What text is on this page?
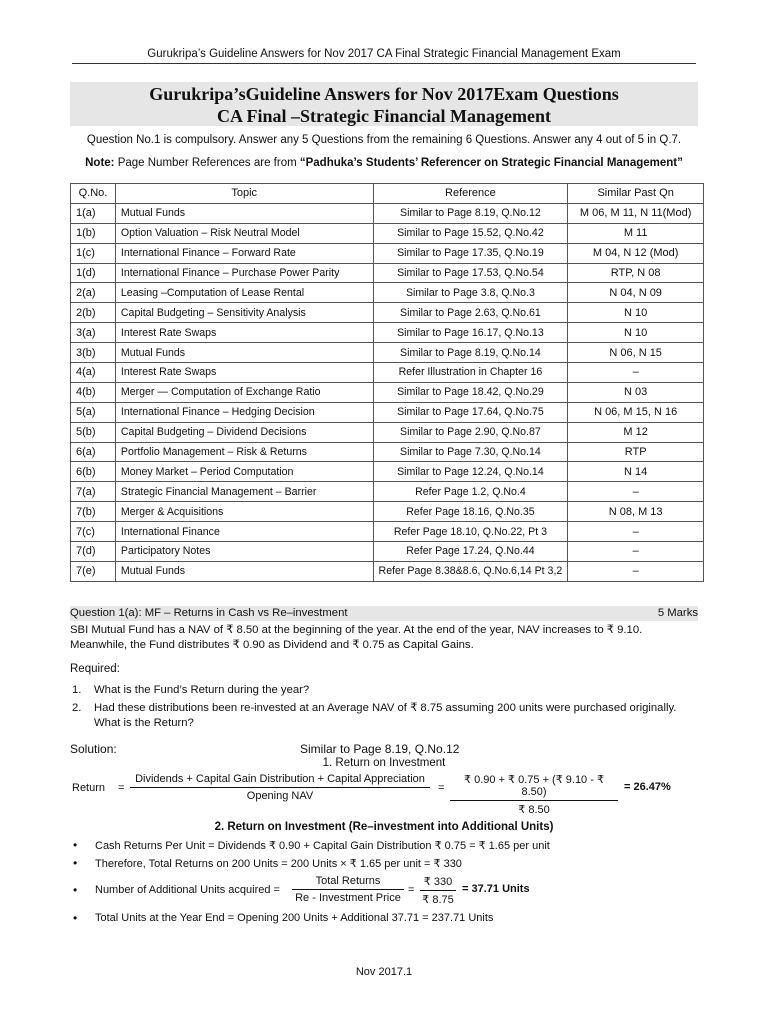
Gurukripa’s Guideline Answers for Nov 2017 CA Final Strategic Financial Management Exam
Gurukripa’sGuideline Answers for Nov 2017Exam Questions
CA Final –Strategic Financial Management
Question No.1 is compulsory. Answer any 5 Questions from the remaining 6 Questions. Answer any 4 out of 5 in Q.7.
Note: Page Number References are from “Padhuka’s Students’ Referencer on Strategic Financial Management”
Q.No.	Topic	Reference	Similar Past Qn
1(a)	Mutual Funds	Similar to Page 8.19, Q.No.12	M 06, M 11, N 11(Mod)
1(b)	Option Valuation – Risk Neutral Model	Similar to Page 15.52, Q.No.42	M 11
1(c)	International Finance – Forward Rate	Similar to Page 17.35, Q.No.19	M 04, N 12 (Mod)
1(d)	International Finance – Purchase Power Parity	Similar to Page 17.53, Q.No.54	RTP, N 08
2(a)	Leasing –Computation of Lease Rental	Similar to Page 3.8, Q.No.3	N 04, N 09
2(b)	Capital Budgeting – Sensitivity Analysis	Similar to Page 2.63, Q.No.61	N 10
3(a)	Interest Rate Swaps	Similar to Page 16.17, Q.No.13	N 10
3(b)	Mutual Funds	Similar to Page 8.19, Q.No.14	N 06, N 15
4(a)	Interest Rate Swaps	Refer Illustration in Chapter 16	–
4(b)	Merger — Computation of Exchange Ratio	Similar to Page 18.42, Q.No.29	N 03
5(a)	International Finance – Hedging Decision	Similar to Page 17.64, Q.No.75	N 06, M 15, N 16
5(b)	Capital Budgeting – Dividend Decisions	Similar to Page 2.90, Q.No.87	M 12
6(a)	Portfolio Management – Risk & Returns	Similar to Page 7.30, Q.No.14	RTP
6(b)	Money Market – Period Computation	Similar to Page 12.24, Q.No.14	N 14
7(a)	Strategic Financial Management – Barrier	Refer Page 1.2, Q.No.4	–
7(b)	Merger & Acquisitions	Refer Page 18.16, Q.No.35	N 08, M 13
7(c)	International Finance	Refer Page 18.10, Q.No.22, Pt 3	–
7(d)	Participatory Notes	Refer Page 17.24, Q.No.44	–
7(e)	Mutual Funds	Refer Page 8.38&8.6, Q.No.6,14 Pt 3,2	–
Question 1(a): MF – Returns in Cash vs Re–investment	5 Marks
SBI Mutual Fund has a NAV of ₹ 8.50 at the beginning of the year. At the end of the year, NAV increases to ₹ 9.10. Meanwhile, the Fund distributes ₹ 0.90 as Dividend and ₹ 0.75 as Capital Gains.
Required:
1. What is the Fund’s Return during the year?
2. Had these distributions been re-invested at an Average NAV of ₹ 8.75 assuming 200 units were purchased originally. What is the Return?
Solution:	Similar to Page 8.19, Q.No.12
1. Return on Investment
Return =
Dividends + Capital Gain Distribution + Capital Appreciation
Opening NAV
= $\frac{₹ 0.90 + ₹ 0.75 + (₹ 9.10 - ₹ 8.50)}{₹ 8.50} = 26.47\%$
2. Return on Investment (Re–investment into Additional Units)
• Cash Returns Per Unit = Dividends ₹ 0.90 + Capital Gain Distribution ₹ 0.75 = ₹ 1.65 per unit
• Therefore, Total Returns on 200 Units = 200 Units × ₹ 1.65 per unit = ₹ 330
• Number of Additional Units acquired =
Total Returns
Re - Investment Price
= $\frac{₹ 330}{₹ 8.75} = 37.71$ Units
• Total Units at the Year End = Opening 200 Units + Additional 37.71 = 237.71 Units
Nov 2017.1
